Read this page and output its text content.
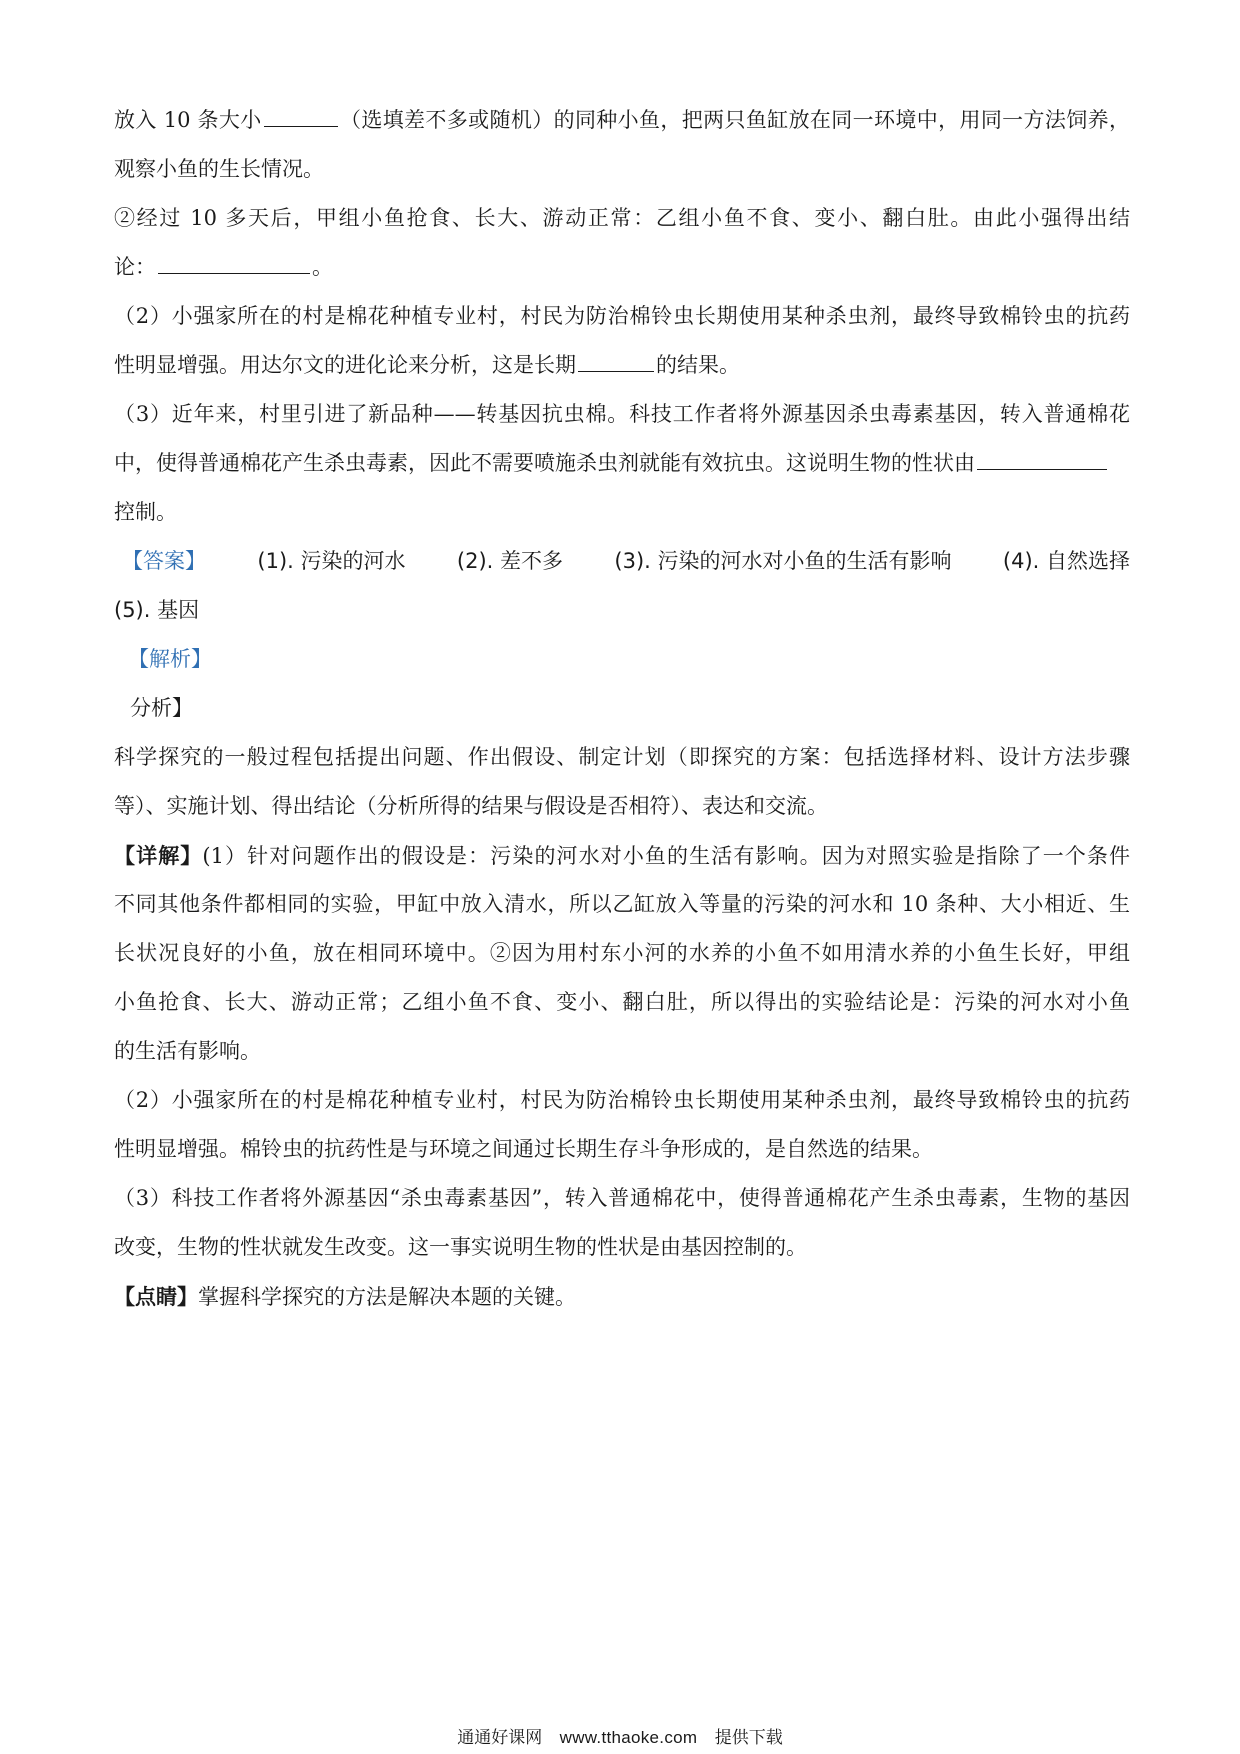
放入 10 条大小	（选填差不多或随机）的同种小鱼，把两只鱼缸放在同一环境中，用同一方法饲养，
观察小鱼的生长情况。
②经过 10 多天后，甲组小鱼抢食、长大、游动正常：乙组小鱼不食、变小、翻白肚。由此小强得出结
论：	。
（2）小强家所在的村是棉花种植专业村，村民为防治棉铃虫长期使用某种杀虫剂，最终导致棉铃虫的抗药
性明显增强。用达尔文的进化论来分析，这是长期	的结果。
（3）近年来，村里引进了新品种——转基因抗虫棉。科技工作者将外源基因杀虫毒素基因，转入普通棉花
中，使得普通棉花产生杀虫毒素，因此不需要喷施杀虫剂就能有效抗虫。这说明生物的性状由
控制。
【答案】 (1). 污染的河水 (2). 差不多 (3). 污染的河水对小鱼的生活有影响 (4). 自然选择
(5). 基因
【解析】
分析】
科学探究的一般过程包括提出问题、作出假设、制定计划（即探究的方案：包括选择材料、设计方法步骤
等）、实施计划、得出结论（分析所得的结果与假设是否相符）、表达和交流。
【详解】(1）针对问题作出的假设是：污染的河水对小鱼的生活有影响。因为对照实验是指除了一个条件
不同其他条件都相同的实验，甲缸中放入清水，所以乙缸放入等量的污染的河水和 10 条种、大小相近、生
长状况良好的小鱼，放在相同环境中。②因为用村东小河的水养的小鱼不如用清水养的小鱼生长好，甲组
小鱼抢食、长大、游动正常；乙组小鱼不食、变小、翻白肚，所以得出的实验结论是：污染的河水对小鱼
的生活有影响。
（2）小强家所在的村是棉花种植专业村，村民为防治棉铃虫长期使用某种杀虫剂，最终导致棉铃虫的抗药
性明显增强。棉铃虫的抗药性是与环境之间通过长期生存斗争形成的，是自然选的结果。
（3）科技工作者将外源基因“杀虫毒素基因”，转入普通棉花中，使得普通棉花产生杀虫毒素，生物的基因
改变，生物的性状就发生改变。这一事实说明生物的性状是由基因控制的。
【点睛】掌握科学探究的方法是解决本题的关键。
通通好课网 www.tthaoke.com 提供下载
